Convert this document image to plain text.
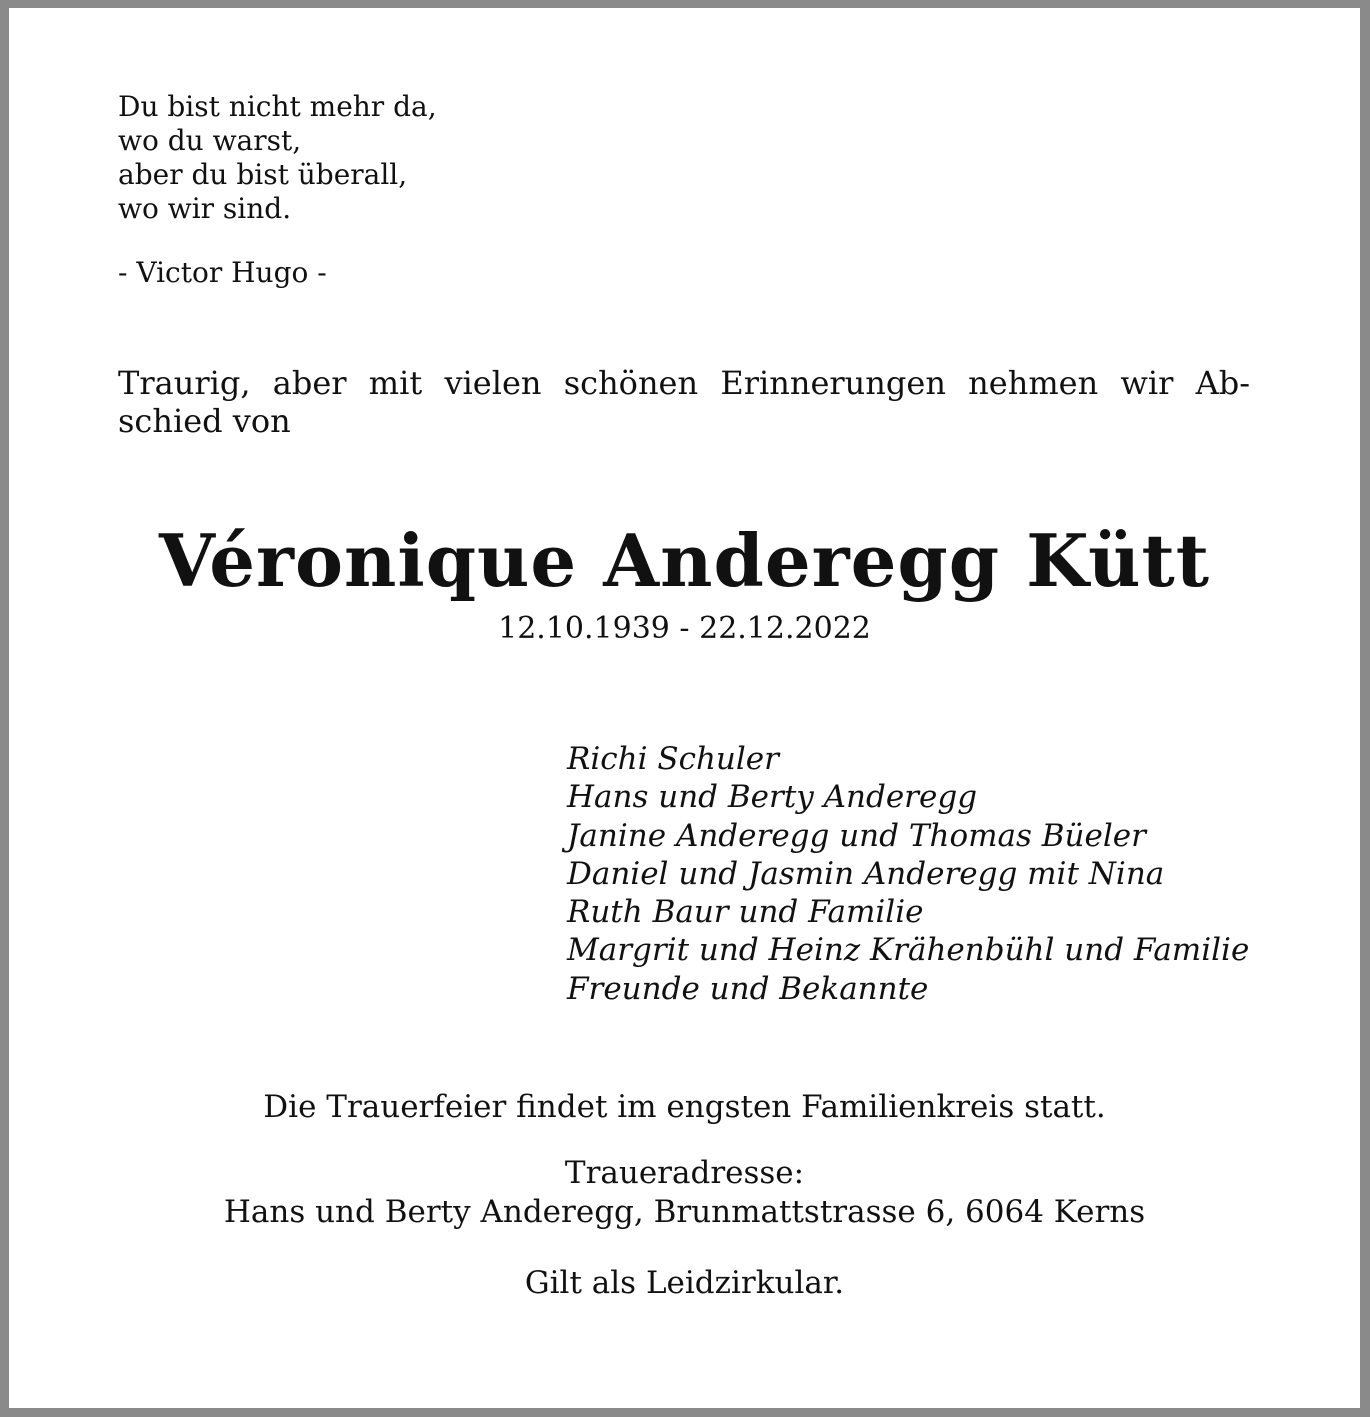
Du bist nicht mehr da,
wo du warst,
aber du bist überall,
wo wir sind.
- Victor Hugo -
Traurig, aber mit vielen schönen Erinnerungen nehmen wir Ab-
schied von
Véronique Anderegg Kütt
12.10.1939 - 22.12.2022
Richi Schuler
Hans und Berty Anderegg
Janine Anderegg und Thomas Büeler
Daniel und Jasmin Anderegg mit Nina
Ruth Baur und Familie
Margrit und Heinz Krähenbühl und Familie
Freunde und Bekannte
Die Trauerfeier findet im engsten Familienkreis statt.
Traueradresse:
Hans und Berty Anderegg, Brunmattstrasse 6, 6064 Kerns
Gilt als Leidzirkular.
